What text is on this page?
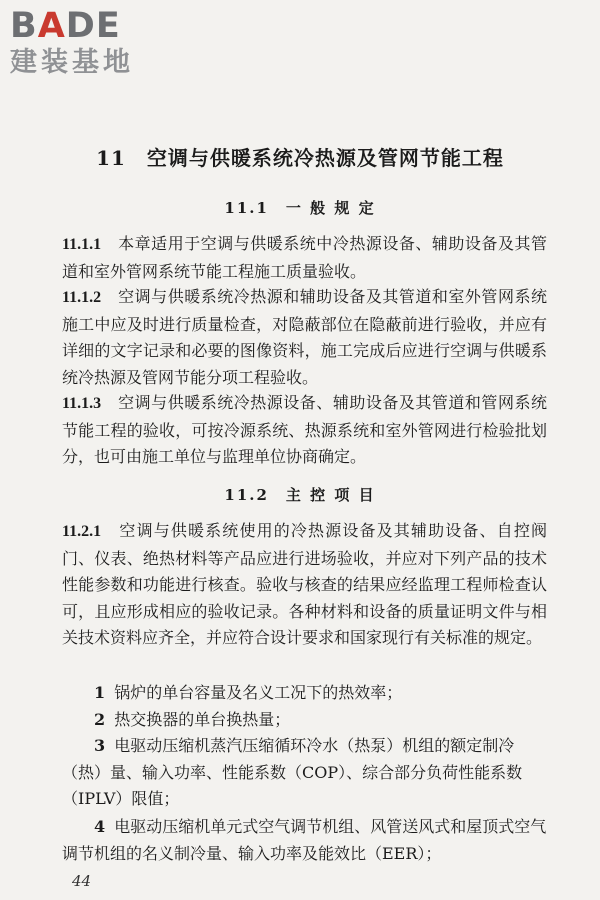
BADE
建装基地
11　空调与供暖系统冷热源及管网节能工程
11.1　一 般 规 定
11.1.1　 本章适用于空调与供暖系统中冷热源设备、辅助设备及其管道和室外管网系统节能工程施工质量验收。
11.1.2　 空调与供暖系统冷热源和辅助设备及其管道和室外管网系统施工中应及时进行质量检查，对隐蔽部位在隐蔽前进行验收，并应有详细的文字记录和必要的图像资料，施工完成后应进行空调与供暖系统冷热源及管网节能分项工程验收。
11.1.3　 空调与供暖系统冷热源设备、辅助设备及其管道和管网系统节能工程的验收，可按冷源系统、热源系统和室外管网进行检验批划分，也可由施工单位与监理单位协商确定。
11.2　主 控 项 目
11.2.1　 空调与供暖系统使用的冷热源设备及其辅助设备、自控阀门、仪表、绝热材料等产品应进行进场验收，并应对下列产品的技术性能参数和功能进行核查。验收与核查的结果应经监理工程师检查认可，且应形成相应的验收记录。各种材料和设备的质量证明文件与相关技术资料应齐全，并应符合设计要求和国家现行有关标准的规定。
1 锅炉的单台容量及名义工况下的热效率；
2 热交换器的单台换热量；
3 电驱动压缩机蒸汽压缩循环冷水（热泵）机组的额定制冷（热）量、输入功率、性能系数（COP）、综合部分负荷性能系数（IPLV）限值；
4 电驱动压缩机单元式空气调节机组、风管送风式和屋顶式空气调节机组的名义制冷量、输入功率及能效比（EER）；
44
